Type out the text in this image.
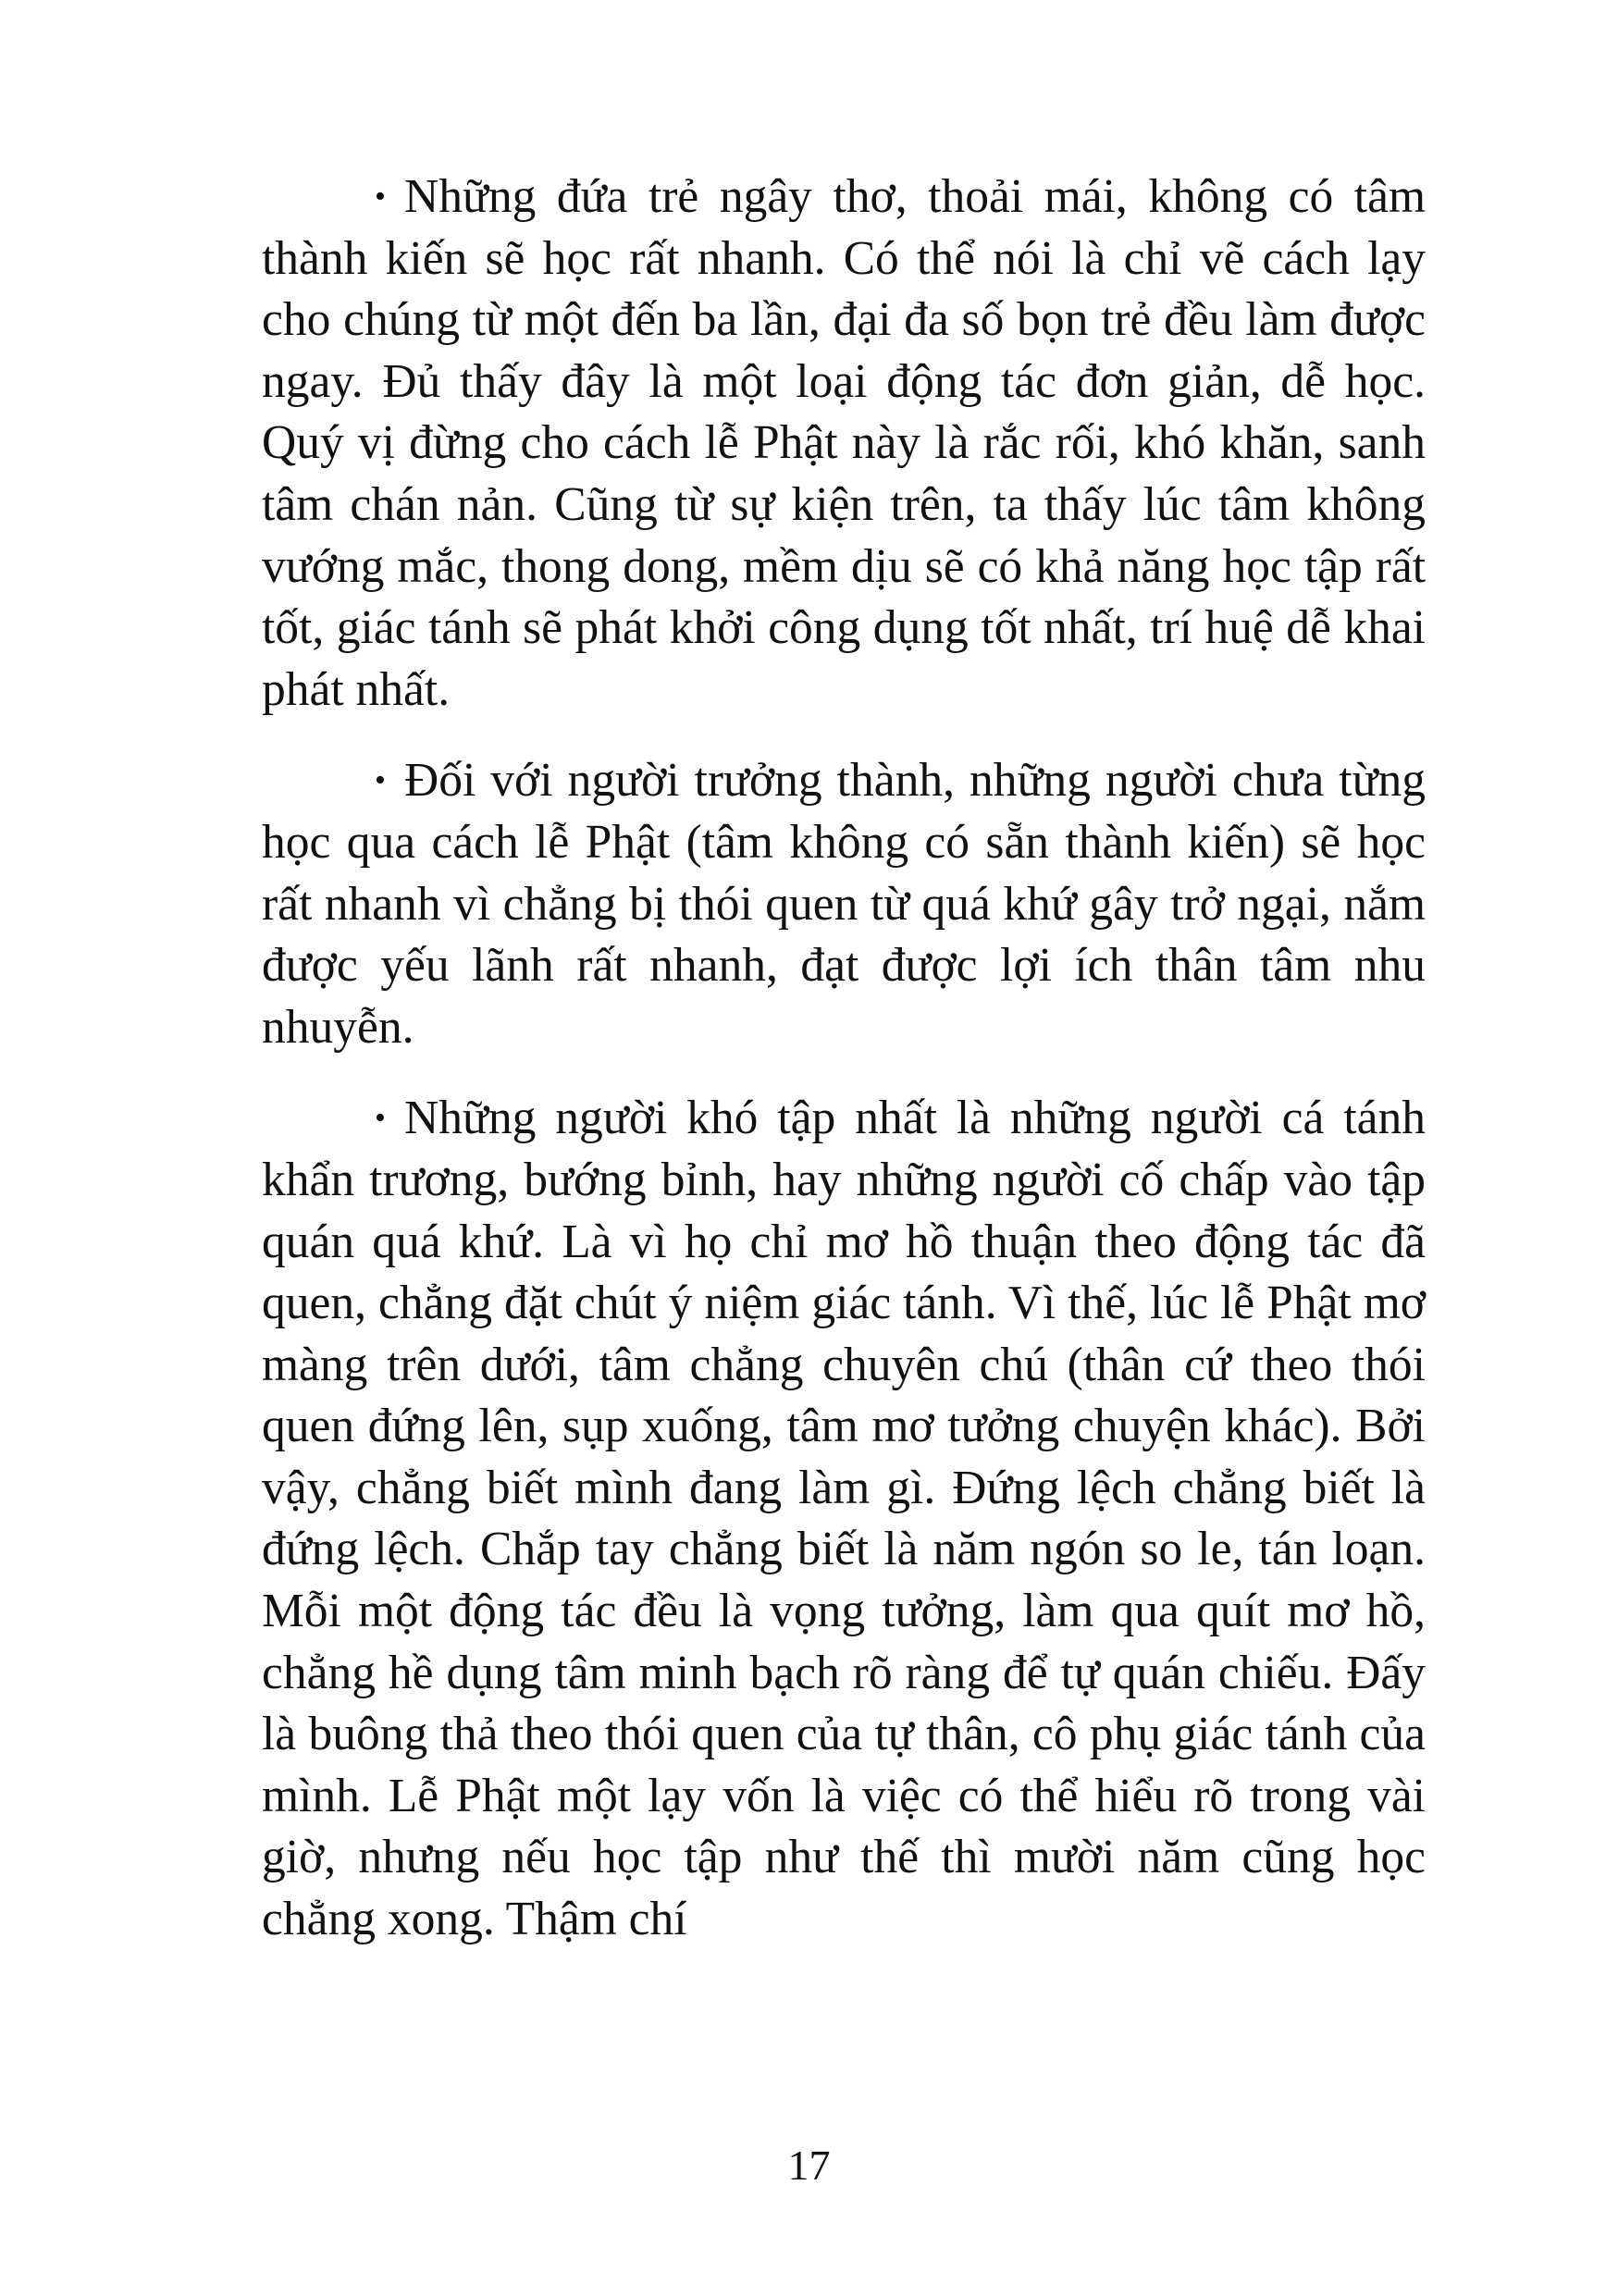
• Những đứa trẻ ngây thơ, thoải mái, không có tâm thành kiến sẽ học rất nhanh. Có thể nói là chỉ vẽ cách lạy cho chúng từ một đến ba lần, đại đa số bọn trẻ đều làm được ngay. Đủ thấy đây là một loại động tác đơn giản, dễ học. Quý vị đừng cho cách lễ Phật này là rắc rối, khó khăn, sanh tâm chán nản. Cũng từ sự kiện trên, ta thấy lúc tâm không vướng mắc, thong dong, mềm dịu sẽ có khả năng học tập rất tốt, giác tánh sẽ phát khởi công dụng tốt nhất, trí huệ dễ khai phát nhất.

• Đối với người trưởng thành, những người chưa từng học qua cách lễ Phật (tâm không có sẵn thành kiến) sẽ học rất nhanh vì chẳng bị thói quen từ quá khứ gây trở ngại, nắm được yếu lãnh rất nhanh, đạt được lợi ích thân tâm nhu nhuyễn.

• Những người khó tập nhất là những người cá tánh khẩn trương, bướng bỉnh, hay những người cố chấp vào tập quán quá khứ. Là vì họ chỉ mơ hồ thuận theo động tác đã quen, chẳng đặt chút ý niệm giác tánh. Vì thế, lúc lễ Phật mơ màng trên dưới, tâm chẳng chuyên chú (thân cứ theo thói quen đứng lên, sụp xuống, tâm mơ tưởng chuyện khác). Bởi vậy, chẳng biết mình đang làm gì. Đứng lệch chẳng biết là đứng lệch. Chắp tay chẳng biết là năm ngón so le, tán loạn. Mỗi một động tác đều là vọng tưởng, làm qua quít mơ hồ, chẳng hề dụng tâm minh bạch rõ ràng để tự quán chiếu. Đấy là buông thả theo thói quen của tự thân, cô phụ giác tánh của mình. Lễ Phật một lạy vốn là việc có thể hiểu rõ trong vài giờ, nhưng nếu học tập như thế thì mười năm cũng học chẳng xong. Thậm chí

17
